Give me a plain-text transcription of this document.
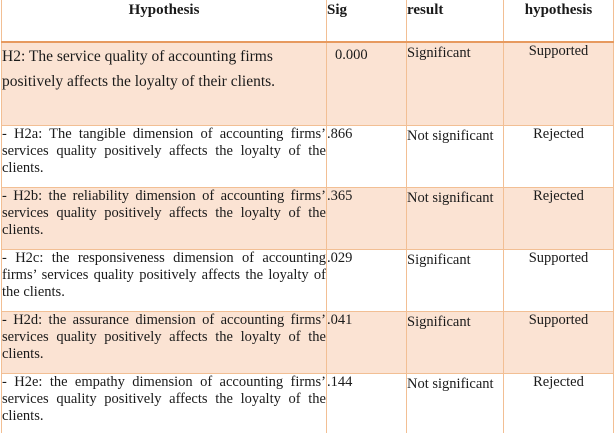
Hypothesis	Sig	result	hypothesis
H2: The service quality of accounting firms positively affects the loyalty of their clients.	0.000	Significant	Supported
- H2a: The tangible dimension of accounting firms’ services quality positively affects the loyalty of the clients.	.866	Not significant	Rejected
- H2b: the reliability dimension of accounting firms’ services quality positively affects the loyalty of the clients.	.365	Not significant	Rejected
- H2c: the responsiveness dimension of accounting firms’ services quality positively affects the loyalty of the clients.	.029	Significant	Supported
- H2d: the assurance dimension of accounting firms’ services quality positively affects the loyalty of the clients.	.041	Significant	Supported
- H2e: the empathy dimension of accounting firms’ services quality positively affects the loyalty of the clients.	.144	Not significant	Rejected
